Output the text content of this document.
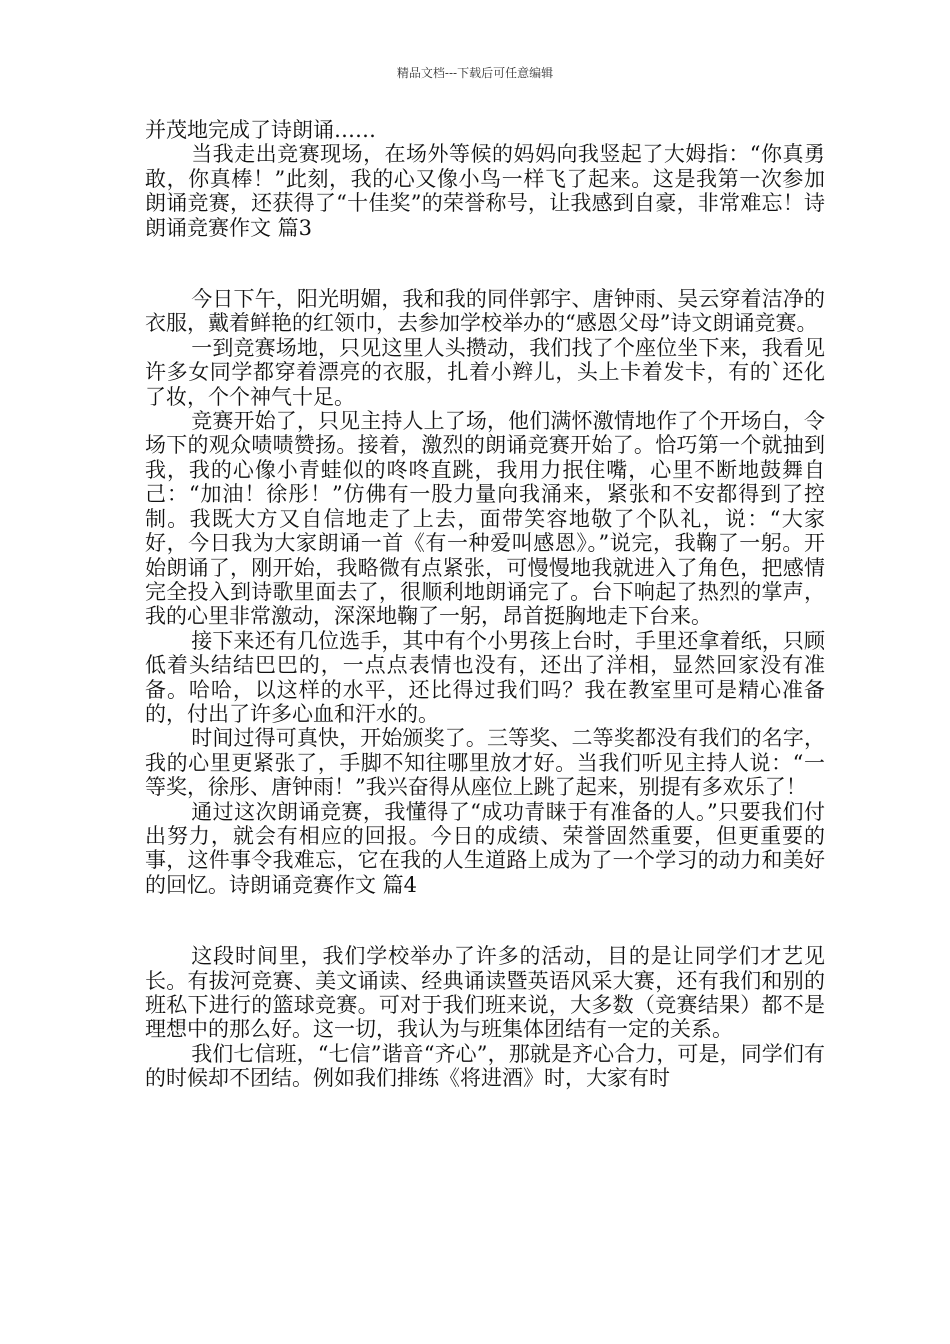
精品文档---下载后可任意编辑

并茂地完成了诗朗诵……

当我走出竞赛现场，在场外等候的妈妈向我竖起了大姆指：“你真勇敢，你真棒！”此刻，我的心又像小鸟一样飞了起来。这是我第一次参加朗诵竞赛，还获得了“十佳奖”的荣誉称号，让我感到自豪，非常难忘！诗朗诵竞赛作文 篇3

今日下午，阳光明媚，我和我的同伴郭宇、唐钟雨、吴云穿着洁净的衣服，戴着鲜艳的红领巾，去参加学校举办的“感恩父母”诗文朗诵竞赛。

一到竞赛场地，只见这里人头攒动，我们找了个座位坐下来，我看见许多女同学都穿着漂亮的衣服，扎着小辫儿，头上卡着发卡，有的`还化了妆，个个神气十足。

竞赛开始了，只见主持人上了场，他们满怀激情地作了个开场白，令场下的观众啧啧赞扬。接着，激烈的朗诵竞赛开始了。恰巧第一个就抽到我，我的心像小青蛙似的咚咚直跳，我用力抿住嘴，心里不断地鼓舞自己：“加油！徐彤！”仿佛有一股力量向我涌来，紧张和不安都得到了控制。我既大方又自信地走了上去，面带笑容地敬了个队礼，说：“大家好，今日我为大家朗诵一首《有一种爱叫感恩》。”说完，我鞠了一躬。开始朗诵了，刚开始，我略微有点紧张，可慢慢地我就进入了角色，把感情完全投入到诗歌里面去了，很顺利地朗诵完了。台下响起了热烈的掌声，我的心里非常激动，深深地鞠了一躬，昂首挺胸地走下台来。

接下来还有几位选手，其中有个小男孩上台时，手里还拿着纸，只顾低着头结结巴巴的，一点点表情也没有，还出了洋相，显然回家没有准备。哈哈，以这样的水平，还比得过我们吗？我在教室里可是精心准备的，付出了许多心血和汗水的。

时间过得可真快，开始颁奖了。三等奖、二等奖都没有我们的名字，我的心里更紧张了，手脚不知往哪里放才好。当我们听见主持人说：“一等奖，徐彤、唐钟雨！”我兴奋得从座位上跳了起来，别提有多欢乐了！

通过这次朗诵竞赛，我懂得了“成功青睐于有准备的人。”只要我们付出努力，就会有相应的回报。今日的成绩、荣誉固然重要，但更重要的事，这件事令我难忘，它在我的人生道路上成为了一个学习的动力和美好的回忆。诗朗诵竞赛作文 篇4

这段时间里，我们学校举办了许多的活动，目的是让同学们才艺见长。有拔河竞赛、美文诵读、经典诵读暨英语风采大赛，还有我们和别的班私下进行的篮球竞赛。可对于我们班来说，大多数（竞赛结果）都不是理想中的那么好。这一切，我认为与班集体团结有一定的关系。

我们七信班，“七信”谐音“齐心”，那就是齐心合力，可是，同学们有的时候却不团结。例如我们排练《将进酒》时，大家有时
